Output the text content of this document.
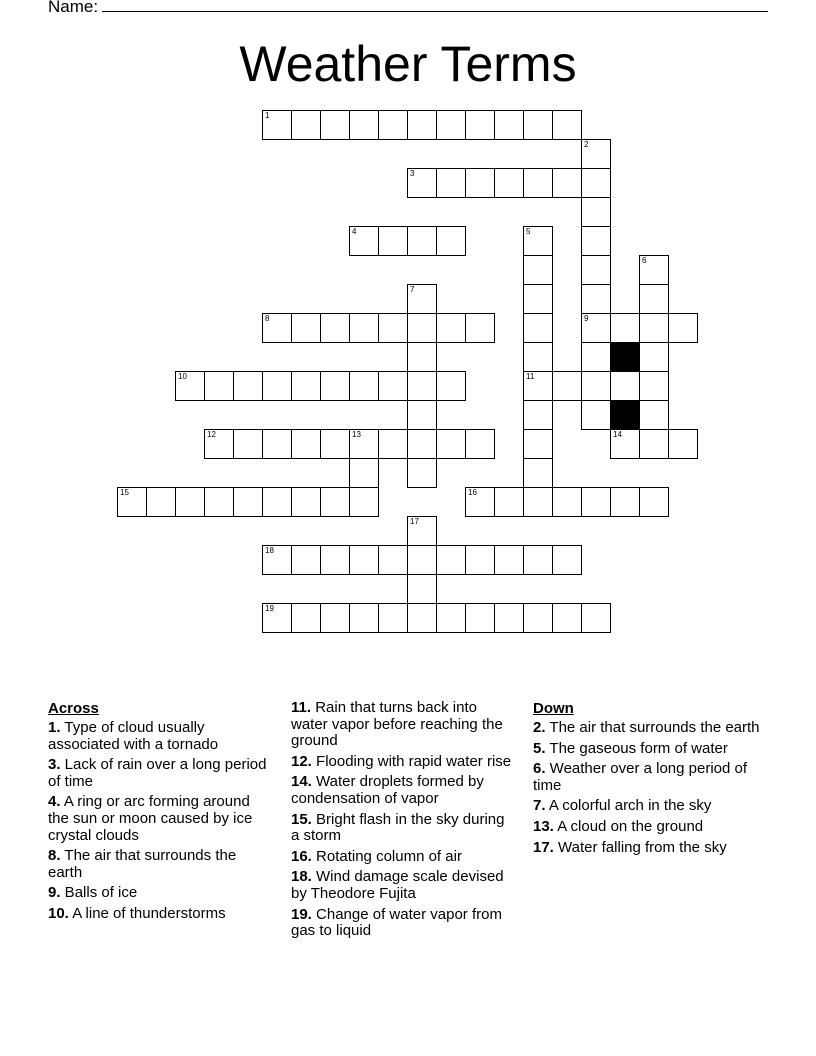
Name:
Weather Terms
1
2
3
4	5
6
7
8	9
10	11
12	13	14
15	16
17
18
19
Across
1. Type of cloud usually associated with a tornado
3. Lack of rain over a long period of time
4. A ring or arc forming around the sun or moon caused by ice crystal clouds
8. The air that surrounds the earth
9. Balls of ice
10. A line of thunderstorms
11. Rain that turns back into water vapor before reaching the ground
12. Flooding with rapid water rise
14. Water droplets formed by condensation of vapor
15. Bright flash in the sky during a storm
16. Rotating column of air
18. Wind damage scale devised by Theodore Fujita
19. Change of water vapor from gas to liquid
Down
2. The air that surrounds the earth
5. The gaseous form of water
6. Weather over a long period of time
7. A colorful arch in the sky
13. A cloud on the ground
17. Water falling from the sky
